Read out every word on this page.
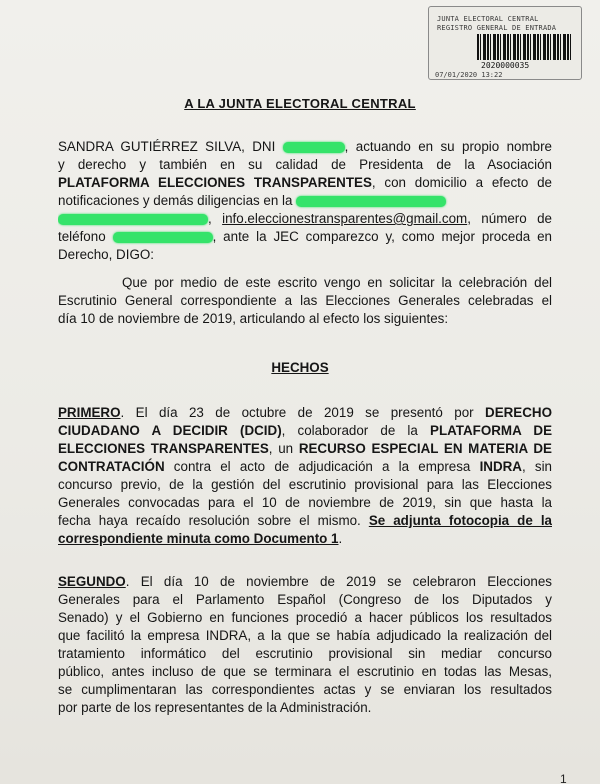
JUNTA ELECTORAL CENTRAL
REGISTRO GENERAL DE ENTRADA
2020000035
07/01/2020 13:22
A LA JUNTA ELECTORAL CENTRAL
SANDRA GUTIÉRREZ SILVA, DNI	, actuando en su propio nombre
y derecho y también en su calidad de Presidenta de la Asociación
PLATAFORMA ELECCIONES TRANSPARENTES, con domicilio a efecto de
notificaciones y demás diligencias en la
, info.eleccionestransparentes@gmail.com, número de
teléfono	, ante la JEC comparezco y, como mejor proceda en
Derecho, DIGO:
Que por medio de este escrito vengo en solicitar la celebración del
Escrutinio General correspondiente a las Elecciones Generales celebradas el
día 10 de noviembre de 2019, articulando al efecto los siguientes:
HECHOS
PRIMERO. El día 23 de octubre de 2019 se presentó por DERECHO
CIUDADANO A DECIDIR (DCID), colaborador de la PLATAFORMA DE
ELECCIONES TRANSPARENTES, un RECURSO ESPECIAL EN MATERIA DE
CONTRATACIÓN contra el acto de adjudicación a la empresa INDRA, sin
concurso previo, de la gestión del escrutinio provisional para las Elecciones
Generales convocadas para el 10 de noviembre de 2019, sin que hasta la
fecha haya recaído resolución sobre el mismo. Se adjunta fotocopia de la
correspondiente minuta como Documento 1.
SEGUNDO. El día 10 de noviembre de 2019 se celebraron Elecciones
Generales para el Parlamento Español (Congreso de los Diputados y
Senado) y el Gobierno en funciones procedió a hacer públicos los resultados
que facilitó la empresa INDRA, a la que se había adjudicado la realización del
tratamiento informático del escrutinio provisional sin mediar concurso
público, antes incluso de que se terminara el escrutinio en todas las Mesas,
se cumplimentaran las correspondientes actas y se enviaran los resultados
por parte de los representantes de la Administración.
1
